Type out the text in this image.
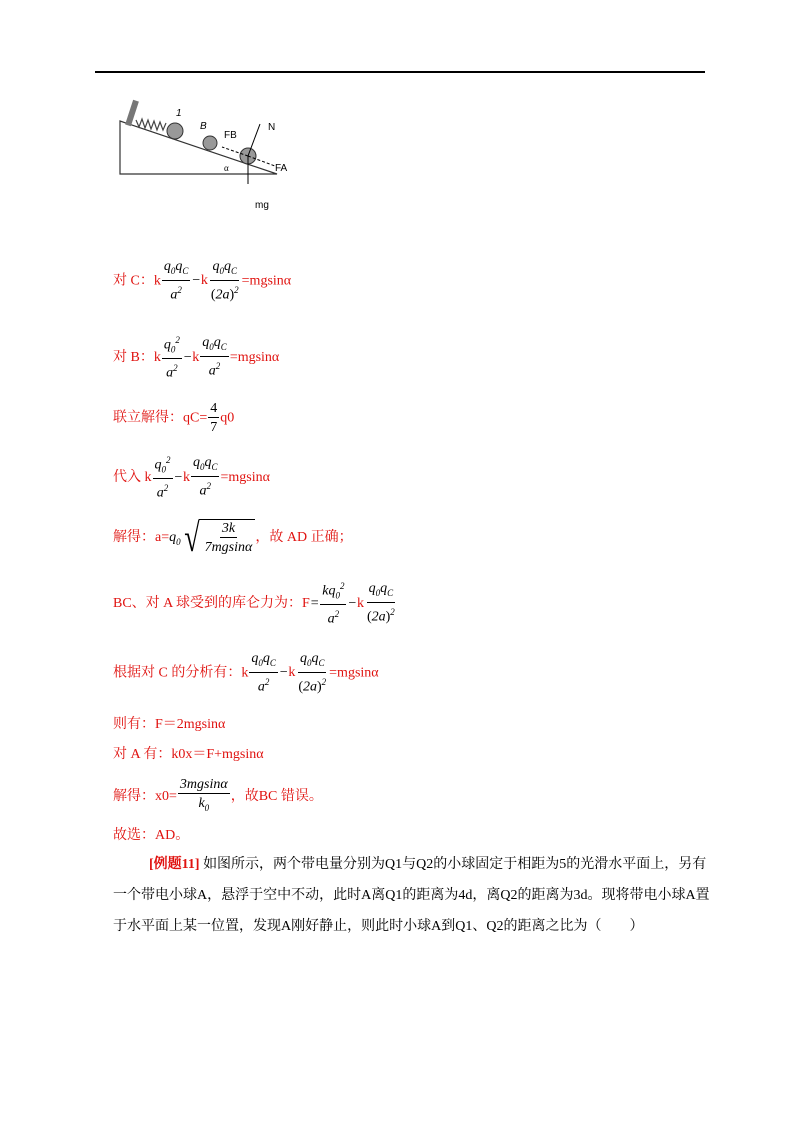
1
B
FB
N
FA
α
mg
对 C：k $\frac{q_0q_C}{a^2} - k \frac{q_0q_C}{(2a)^2} =mgsin\alpha$
对 B：k $\frac{q_0^2}{a^2} - k \frac{q_0q_C}{a^2} =mgsin\alpha$
联立解得：$qC= \frac{4}{7} q0$
代入 k $\frac{q_0^2}{a^2} - k \frac{q_0q_C}{a^2} =mgsin\alpha$
解得：$a= q_0$ √ $\frac{3k}{7mgsin\alpha}$ ，故 AD 正确；
BC、对 A 球受到的库仑力为：$F = \frac{kq_0^2}{a^2} - k \frac{q_0q_C}{(2a)^2}$
根据对 C 的分析有：k $\frac{q_0q_C}{a^2} - k \frac{q_0q_C}{(2a)^2} =mgsin\alpha$
则有：F＝2mgsinα
对 A 有：k0x＝F+mgsinα
解得：$x0= \frac{3mgsin\alpha}{k_0}$ ，故BC 错误。
故选：AD。
[例题11] 如图所示，两个带电量分别为Q1与Q2的小球固定于相距为5的光滑水平面上，另有一个带电小球A，悬浮于空中不动，此时A离Q1的距离为4d，离Q2的距离为3d。现将带电小球A置于水平面上某一位置，发现A刚好静止，则此时小球A到Q1、Q2的距离之比为（　　）
